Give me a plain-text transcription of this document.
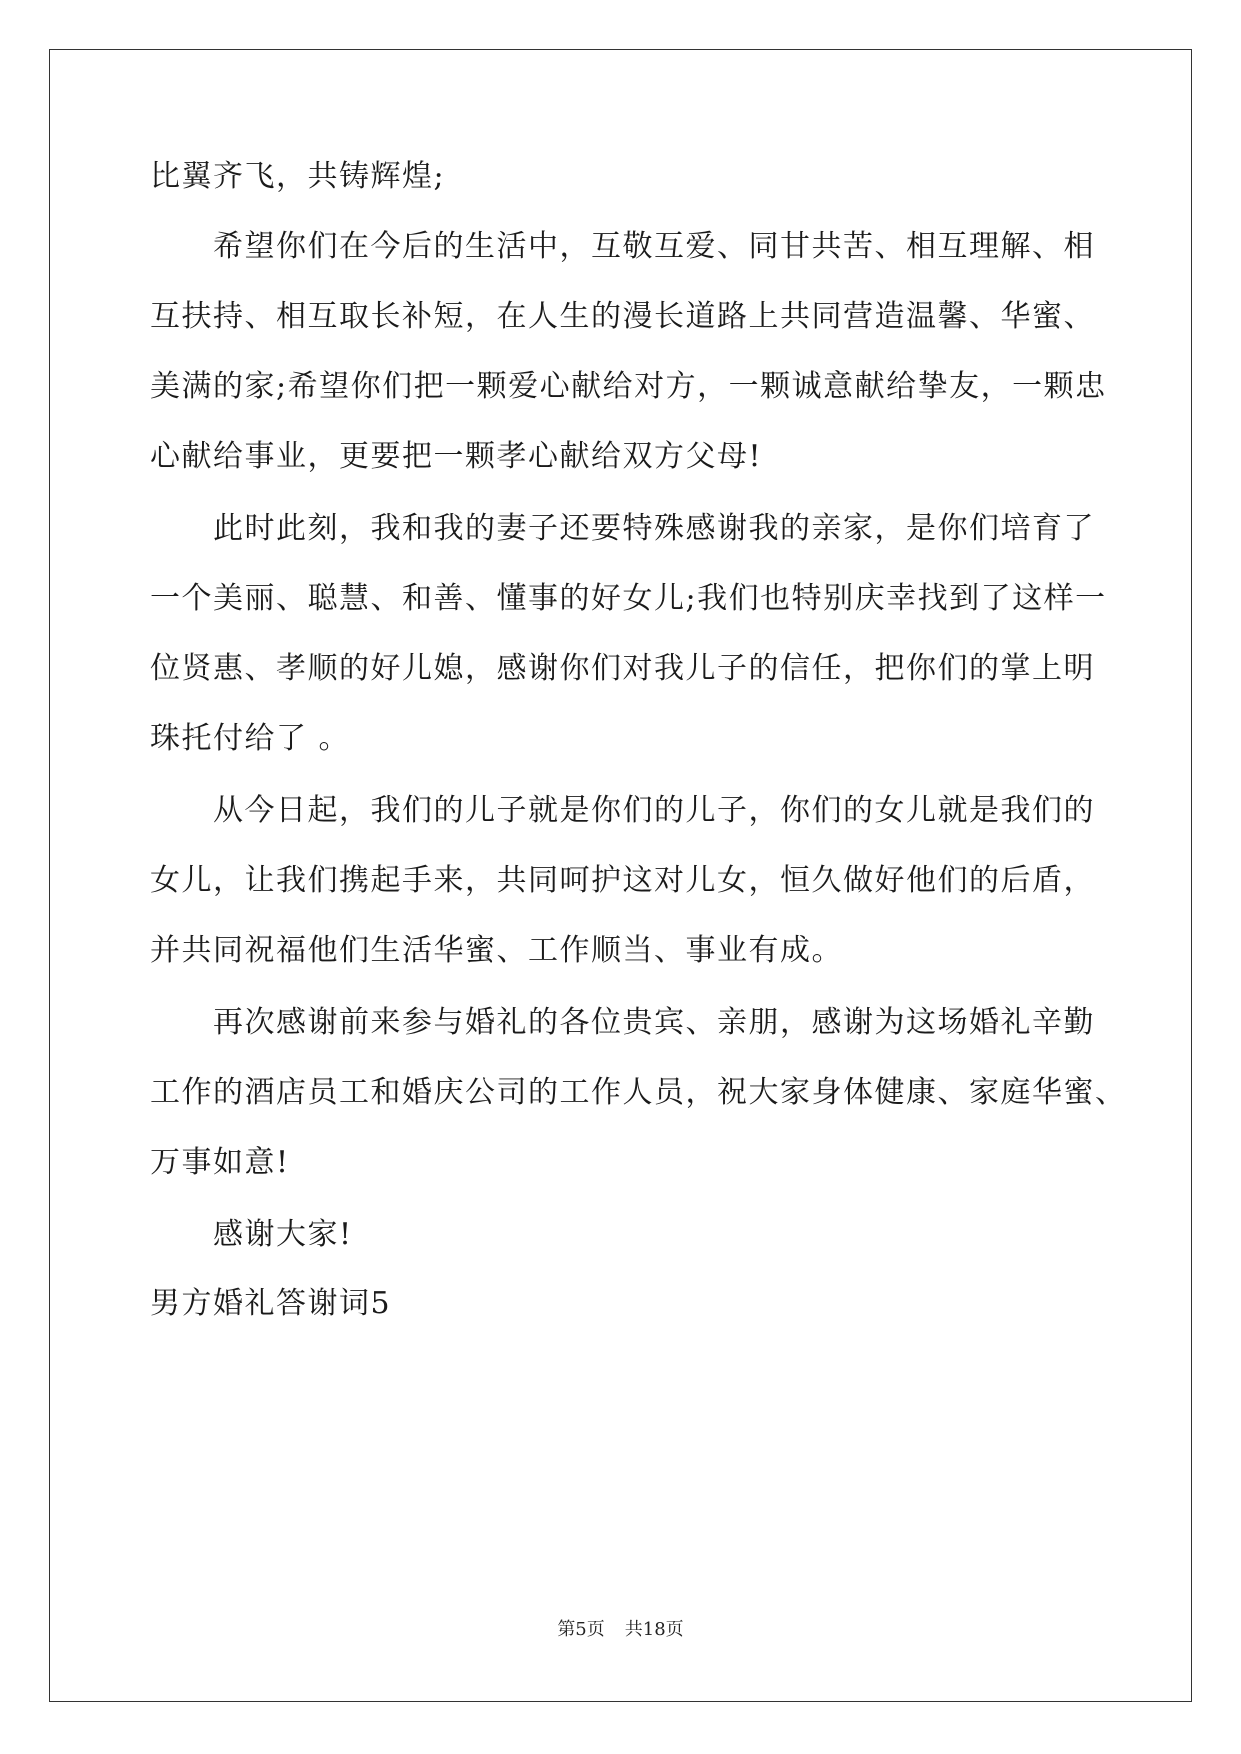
比翼齐飞，共铸辉煌;
希望你们在今后的生活中，互敬互爱、同甘共苦、相互理解、相
互扶持、相互取长补短，在人生的漫长道路上共同营造温馨、华蜜、
美满的家;希望你们把一颗爱心献给对方，一颗诚意献给挚友，一颗忠
心献给事业，更要把一颗孝心献给双方父母!
此时此刻，我和我的妻子还要特殊感谢我的亲家，是你们培育了
一个美丽、聪慧、和善、懂事的好女儿;我们也特别庆幸找到了这样一
位贤惠、孝顺的好儿媳，感谢你们对我儿子的信任，把你们的掌上明
珠托付给了 。
从今日起，我们的儿子就是你们的儿子，你们的女儿就是我们的
女儿，让我们携起手来，共同呵护这对儿女，恒久做好他们的后盾，
并共同祝福他们生活华蜜、工作顺当、事业有成。
再次感谢前来参与婚礼的各位贵宾、亲朋，感谢为这场婚礼辛勤
工作的酒店员工和婚庆公司的工作人员，祝大家身体健康、家庭华蜜、
万事如意!
感谢大家!
男方婚礼答谢词5
第5页 共18页
